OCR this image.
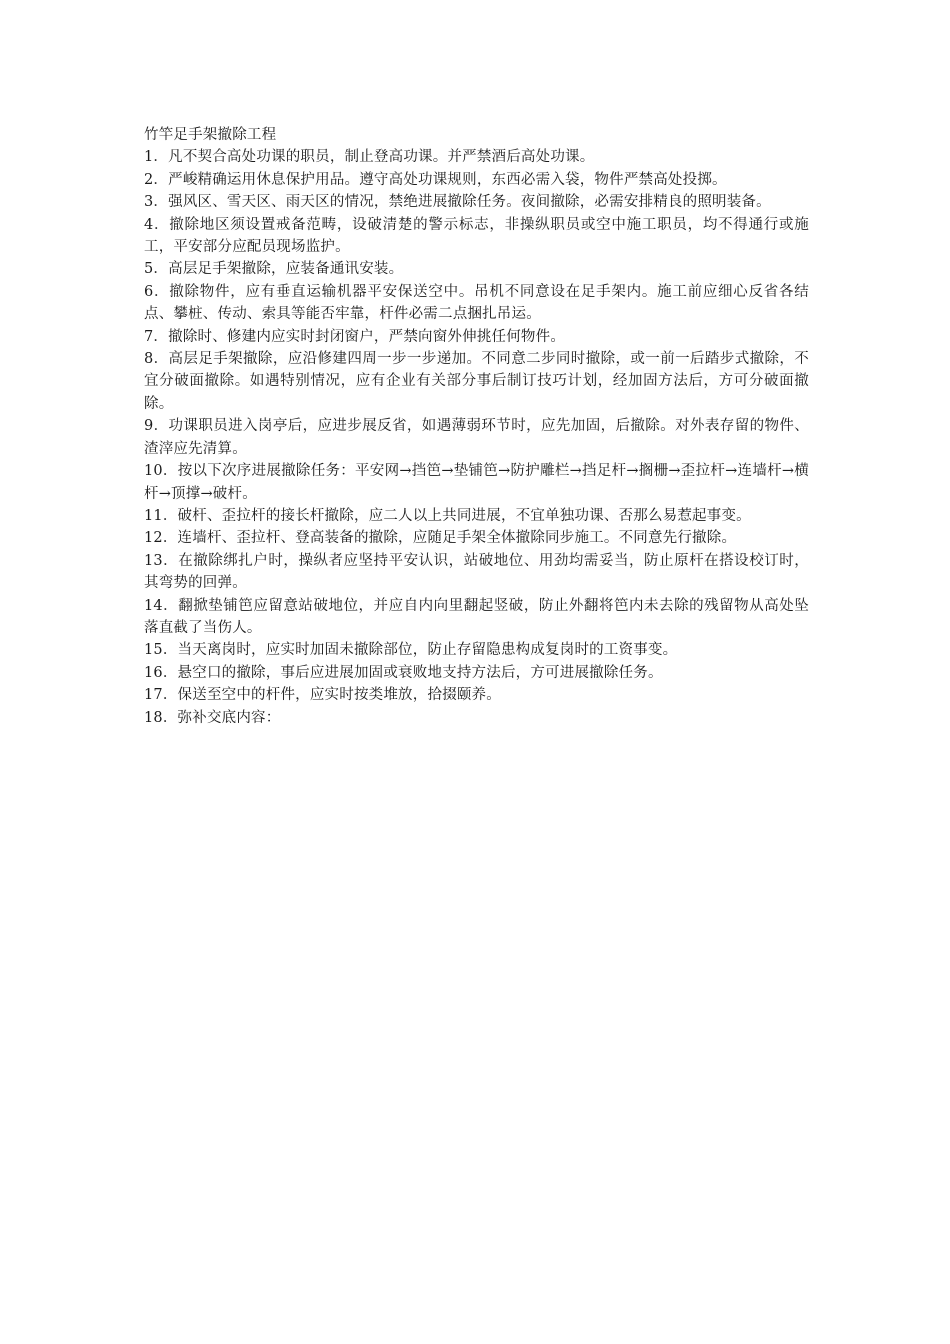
竹竿足手架撤除工程

1．凡不契合高处功课的职员，制止登高功课。并严禁酒后高处功课。

2．严峻精确运用休息保护用品。遵守高处功课规则，东西必需入袋，物件严禁高处投掷。

3．强风区、雪天区、雨天区的情况，禁绝进展撤除任务。夜间撤除，必需安排精良的照明装备。

4．撤除地区须设置戒备范畴，设破清楚的警示标志，非操纵职员或空中施工职员，均不得通行或施工，平安部分应配员现场监护。

5．高层足手架撤除，应装备通讯安装。

6．撤除物件，应有垂直运输机器平安保送空中。吊机不同意设在足手架内。施工前应细心反省各结点、攀桩、传动、索具等能否牢靠，杆件必需二点捆扎吊运。

7．撤除时、修建内应实时封闭窗户，严禁向窗外伸挑任何物件。

8．高层足手架撤除，应沿修建四周一步一步递加。不同意二步同时撤除，或一前一后踏步式撤除，不宜分破面撤除。如遇特别情况，应有企业有关部分事后制订技巧计划，经加固方法后，方可分破面撤除。

9．功课职员进入岗亭后，应进步展反省，如遇薄弱环节时，应先加固，后撤除。对外表存留的物件、渣滓应先清算。

10．按以下次序进展撤除任务：平安网→挡笆→垫铺笆→防护雕栏→挡足杆→搁栅→歪拉杆→连墙杆→横杆→顶撑→破杆。

11．破杆、歪拉杆的接长杆撤除，应二人以上共同进展，不宜单独功课、否那么易惹起事变。

12．连墙杆、歪拉杆、登高装备的撤除，应随足手架全体撤除同步施工。不同意先行撤除。

13．在撤除绑扎户时，操纵者应坚持平安认识，站破地位、用劲均需妥当，防止原杆在搭设校订时，其弯势的回弹。

14．翻掀垫铺笆应留意站破地位，并应自内向里翻起竖破，防止外翻将笆内未去除的残留物从高处坠落直截了当伤人。

15．当天离岗时，应实时加固未撤除部位，防止存留隐患构成复岗时的工资事变。

16．悬空口的撤除，事后应进展加固或衰败地支持方法后，方可进展撤除任务。

17．保送至空中的杆件，应实时按类堆放，拾掇颐养。

18．弥补交底内容：
